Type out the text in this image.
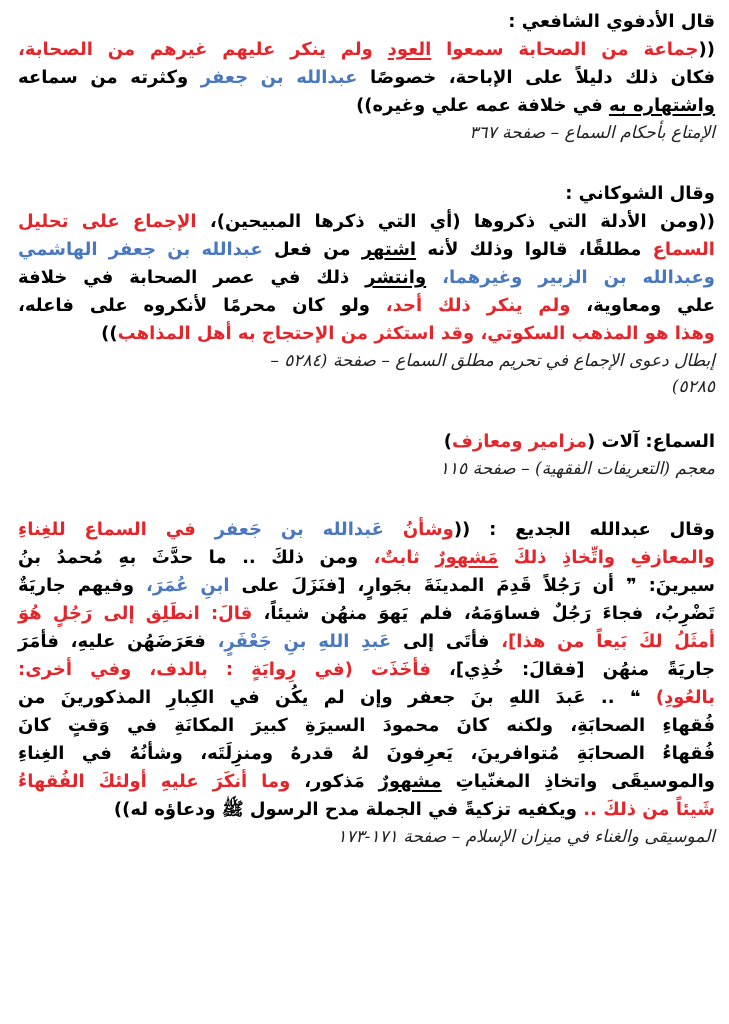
قال الأدفوي الشافعي :
((جماعة من الصحابة سمعوا العود ولم ينكر عليهم غيرهم من الصحابة،
فكان ذلك دليلاً على الإباحة، خصوصًا عبدالله بن جعفر وكثرته من سماعه
واشتهاره به في خلافة عمه علي وغيره))
الإمتاع بأحكام السماع – صفحة ٣٦٧
وقال الشوكاني :
((ومن الأدلة التي ذكروها (أي التي ذكرها المبيحين)، الإجماع على تحليل
السماع مطلقًا، قالوا وذلك لأنه اشتهر من فعل عبدالله بن جعفر الهاشمي
وعبدالله بن الزبير وغيرهما، وانتشر ذلك في عصر الصحابة في خلافة
علي ومعاوية، ولم ينكر ذلك أحد، ولو كان محرمًا لأنكروه على فاعله،
وهذا هو المذهب السكوتي، وقد استكثر من الإحتجاج به أهل المذاهب))
إبطال دعوى الإجماع في تحريم مطلق السماع – صفحة (٥٢٨٤ –
٥٢٨٥)
السماع: آلات (مزامير ومعازف)
معجم (التعريفات الفقهية) – صفحة ١١٥
وقال عبدالله الجديع : ((وشأنُ عَبدالله بن جَعفر في السماع للغِناءِ
والمعازفِ واتِّخاذِ ذلكَ مَشهورٌ ثابتٌ، ومن ذلكَ .. ما حدَّثَ بهِ مُحمدُ بنُ
سيرينَ: ❞ أن رَجُلاً قَدِمَ المدينَةَ بجَوارٍ، [فنَزَلَ على ابنِ عُمَرَ، وفيهم جاريَةٌ
تَضْرِبُ، فجاءَ رَجُلٌ فساوَمَهُ، فلم يَهوَ منهُن شيئاً، قالَ: انطَلِق إلى رَجُلٍ هُوَ
أمثَلُ لكَ بَيعاً من هذا]، فأتَى إلى عَبدِ اللهِ بنِ جَعْفَرٍ، فعَرَضَهُن عليهِ، فأمَرَ
جاريَةً منهُن [فقالَ: خُذِي]، فأخَذَت (في رِوايَةٍ : بالدف، وفي أخرى:
بالعُودِ) ❝ .. عَبدَ اللهِ بنَ جعفر وإن لم يكُن في الكِبارِ المذكورينَ من
فُقهاءِ الصحابَةِ، ولكنه كانَ محمودَ السيرَةِ كبيرَ المكانَةِ في وَقتٍ كانَ
فُقهاءُ الصحابَةِ مُتوافرينَ، يَعرِفونَ لهُ قدرهُ ومنزِلَتَه، وشأنُهُ في الغِناءِ
والموسيقَى واتخاذِ المغنّياتِ مشهورٌ مَذكور، وما أنكَرَ عليهِ أولئكَ الفُقهاءُ
شَيئاً من ذلكَ .. ويكفيه تزكيةً في الجملة مدح الرسول ﷺ ودعاؤه له))
الموسيقى والغناء في ميزان الإسلام – صفحة ١٧١-١٧٣
